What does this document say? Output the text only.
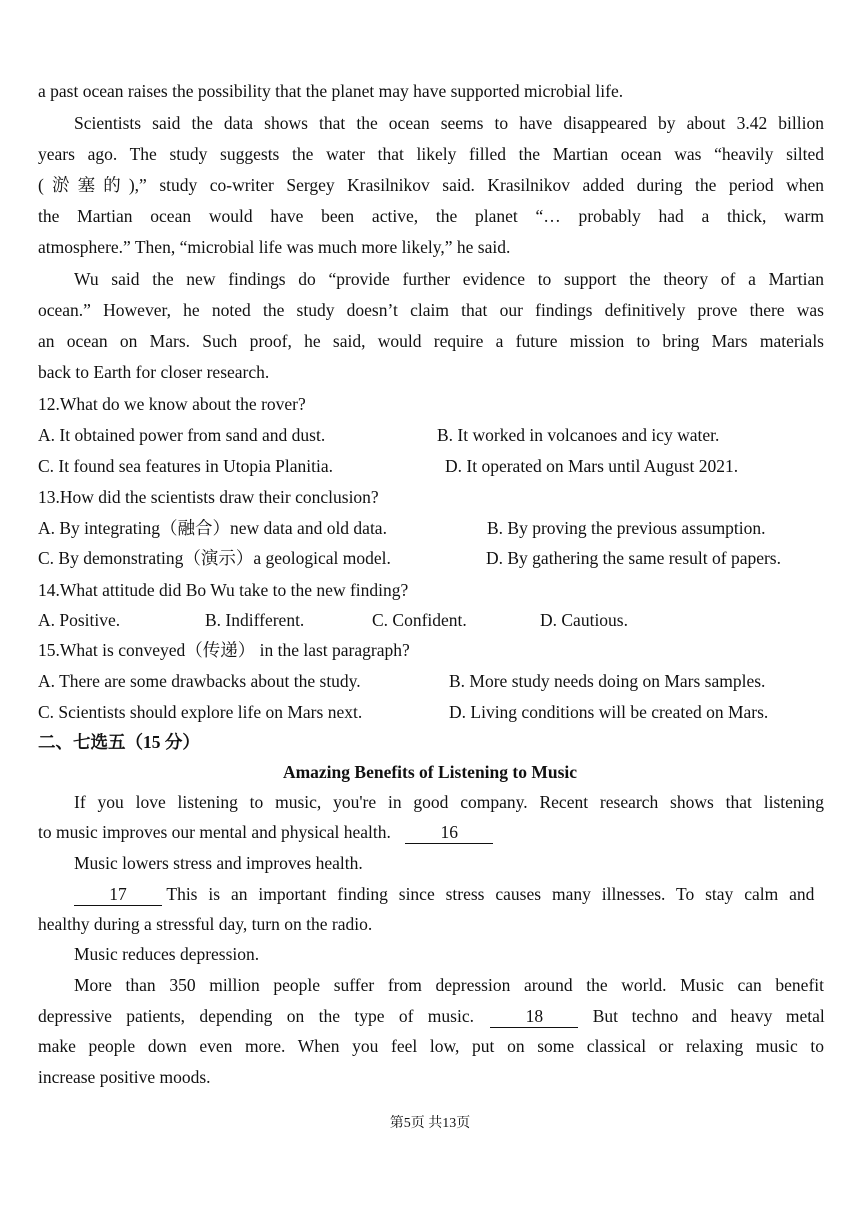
a past ocean raises the possibility that the planet may have supported microbial life.
Scientists said the data shows that the ocean seems to have disappeared by about 3.42 billion
years ago. The study suggests the water that likely filled the Martian ocean was “heavily silted
(淤塞的),” study co-writer Sergey Krasilnikov said. Krasilnikov added during the period when
the Martian ocean would have been active, the planet “… probably had a thick, warm
atmosphere.” Then, “microbial life was much more likely,” he said.
Wu said the new findings do “provide further evidence to support the theory of a Martian
ocean.” However, he noted the study doesn’t claim that our findings definitively prove there was
an ocean on Mars. Such proof, he said, would require a future mission to bring Mars materials
back to Earth for closer research.
12.What do we know about the rover?
A. It obtained power from sand and dust.	B. It worked in volcanoes and icy water.
C. It found sea features in Utopia Planitia.	D. It operated on Mars until August 2021.
13.How did the scientists draw their conclusion?
A. By integrating（融合）new data and old data.	B. By proving the previous assumption.
C. By demonstrating（演示）a geological model.	D. By gathering the same result of papers.
14.What attitude did Bo Wu take to the new finding?
A. Positive.	B. Indifferent.	C. Confident.	D. Cautious.
15.What is conveyed（传递） in the last paragraph?
A. There are some drawbacks about the study.	B. More study needs doing on Mars samples.
C. Scientists should explore life on Mars next.	D. Living conditions will be created on Mars.
二、七选五（15 分）
Amazing Benefits of Listening to Music
If you love listening to music, you're in good company. Recent research shows that listening
to music improves our mental and physical health.	16
Music lowers stress and improves health.
17 This is an important finding since stress causes many illnesses. To stay calm and
healthy during a stressful day, turn on the radio.
Music reduces depression.
More than 350 million people suffer from depression around the world. Music can benefit
depressive patients, depending on the type of music.	18	But techno and heavy metal
make people down even more. When you feel low, put on some classical or relaxing music to
increase positive moods.
第5页 共13页
